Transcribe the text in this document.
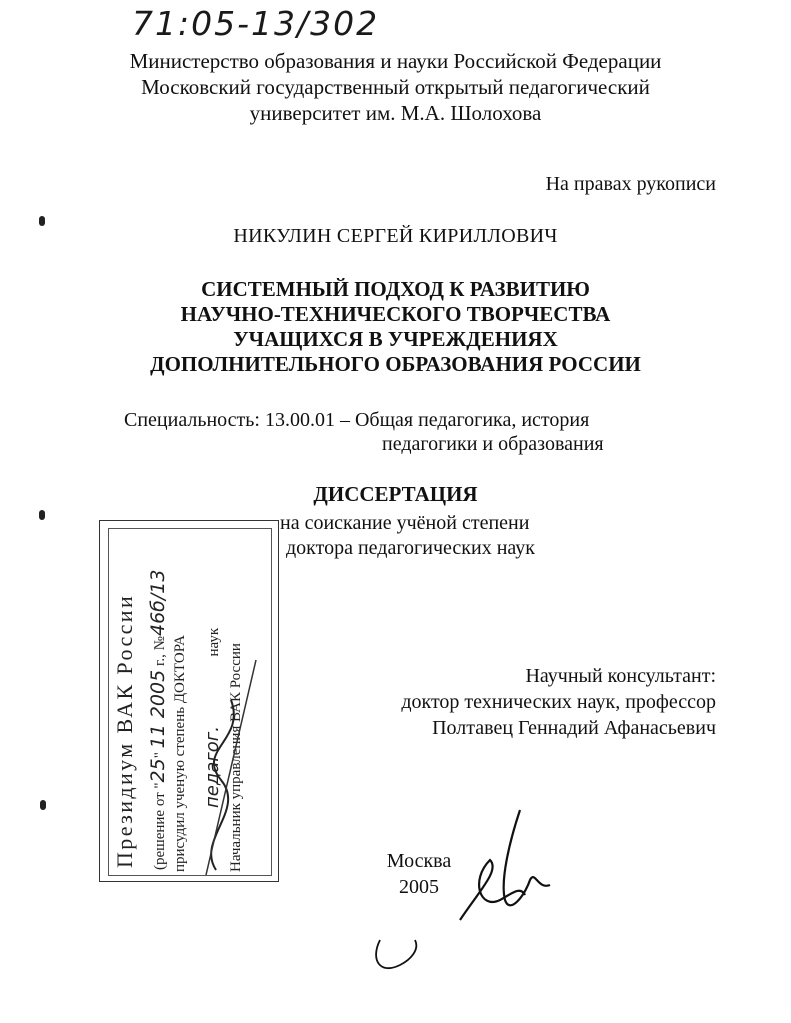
71:05-13/302
Министерство образования и науки Российской Федерации
Московский государственный открытый педагогический
университет им. М.А. Шолохова
На правах рукописи
НИКУЛИН СЕРГЕЙ КИРИЛЛОВИЧ
СИСТЕМНЫЙ ПОДХОД К РАЗВИТИЮ
НАУЧНО-ТЕХНИЧЕСКОГО ТВОРЧЕСТВА
УЧАЩИХСЯ В УЧРЕЖДЕНИЯХ
ДОПОЛНИТЕЛЬНОГО ОБРАЗОВАНИЯ РОССИИ
Специальность: 13.00.01 – Общая педагогика, история
педагогики и образования
ДИССЕРТАЦИЯ
на соискание учёной степени
доктора педагогических наук
Президиум ВАК России	(решение от "25" 11 2005 г., №46б/13
присудил ученую степень ДОКТОРА педагог.  наук
Начальник управления ВАК России	Научный консультант:
доктор технических наук, профессор
Полтавец Геннадий Афанасьевич
Москва
2005
